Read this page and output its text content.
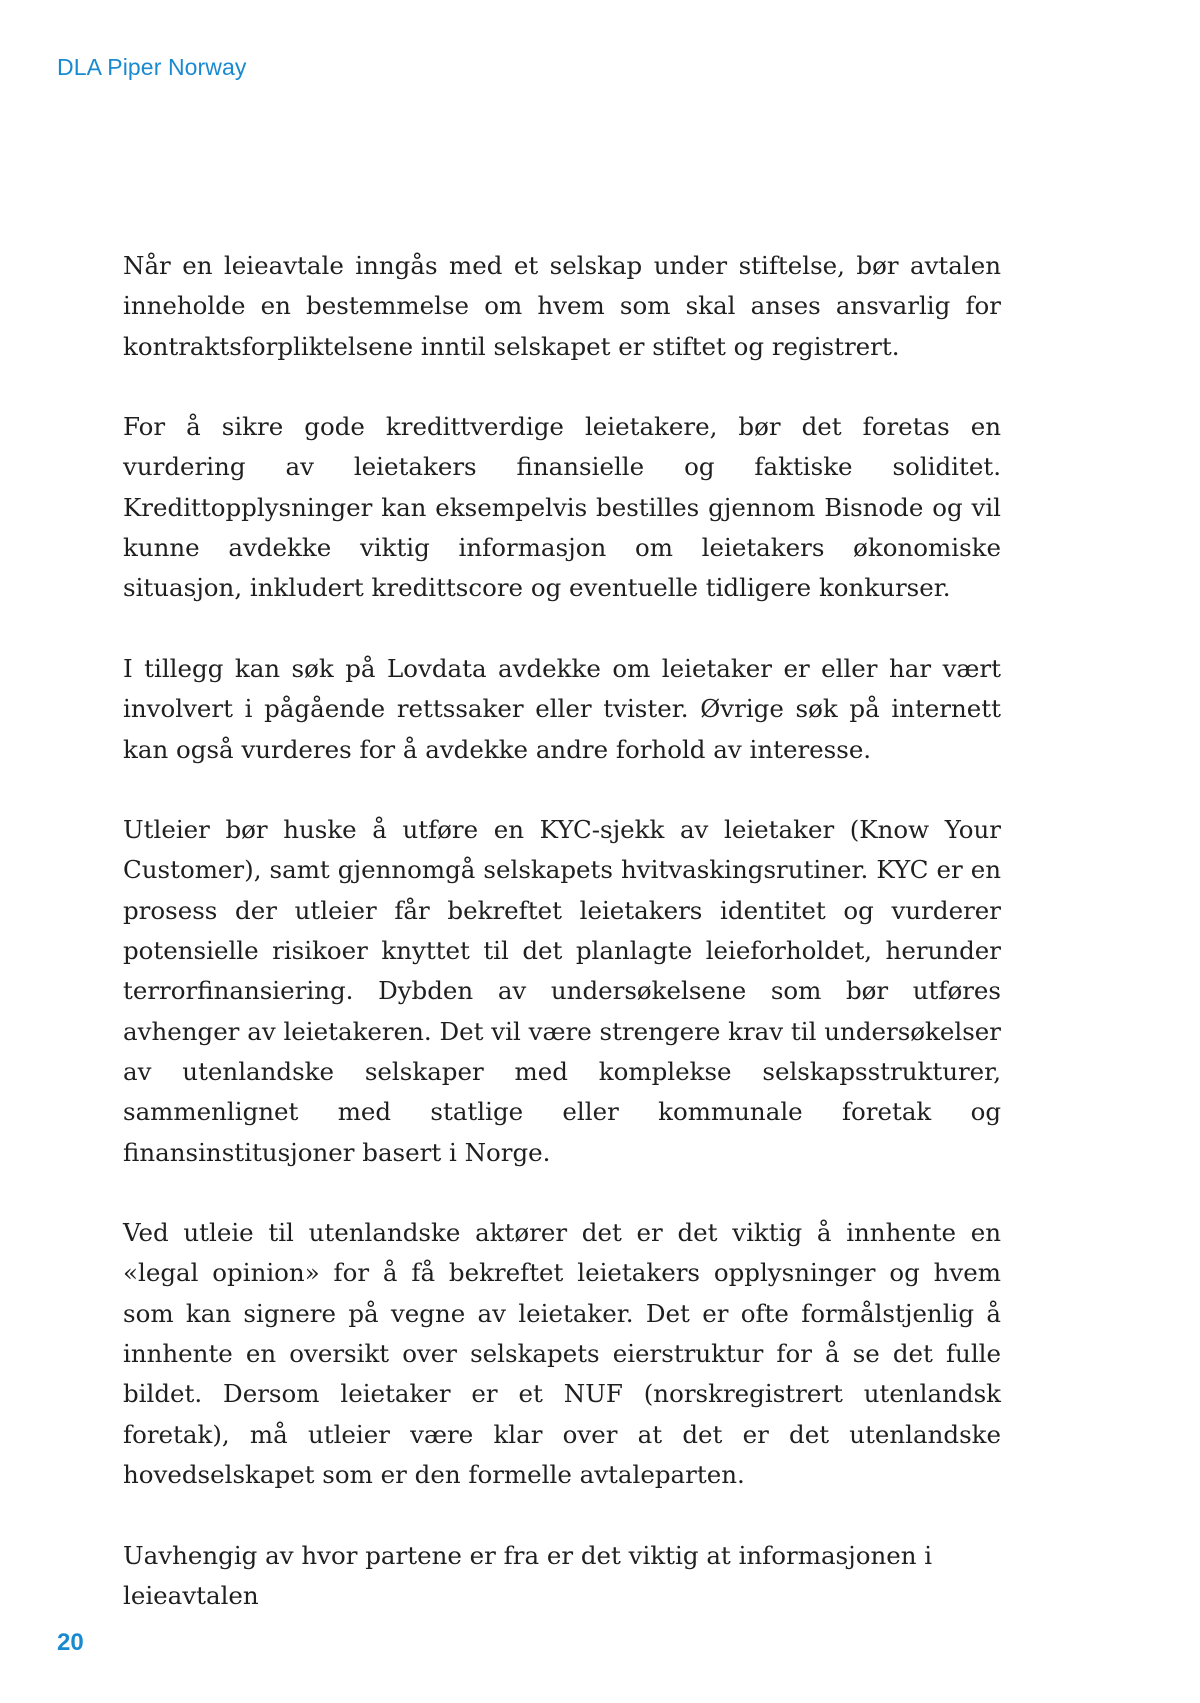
DLA Piper Norway

Når en leieavtale inngås med et selskap under stiftelse, bør avtalen inneholde en bestemmelse om hvem som skal anses ansvarlig for kontraktsforpliktelsene inntil selskapet er stiftet og registrert.

For å sikre gode kredittverdige leietakere, bør det foretas en vurdering av leietakers finansielle og faktiske soliditet. Kredittopplysninger kan eksempelvis bestilles gjennom Bisnode og vil kunne avdekke viktig informasjon om leietakers økonomiske situasjon, inkludert kredittscore og eventuelle tidligere konkurser.

I tillegg kan søk på Lovdata avdekke om leietaker er eller har vært involvert i pågående rettssaker eller tvister. Øvrige søk på internett kan også vurderes for å avdekke andre forhold av interesse.

Utleier bør huske å utføre en KYC-sjekk av leietaker (Know Your Customer), samt gjennomgå selskapets hvitvaskingsrutiner. KYC er en prosess der utleier får bekreftet leietakers identitet og vurderer potensielle risikoer knyttet til det planlagte leieforholdet, herunder terrorfinansiering. Dybden av undersøkelsene som bør utføres avhenger av leietakeren. Det vil være strengere krav til undersøkelser av utenlandske selskaper med komplekse selskapsstrukturer, sammenlignet med statlige eller kommunale foretak og finansinstitusjoner basert i Norge.

Ved utleie til utenlandske aktører det er det viktig å innhente en «legal opinion» for å få bekreftet leietakers opplysninger og hvem som kan signere på vegne av leietaker. Det er ofte formålstjenlig å innhente en oversikt over selskapets eierstruktur for å se det fulle bildet. Dersom leietaker er et NUF (norskregistrert utenlandsk foretak), må utleier være klar over at det er det utenlandske hovedselskapet som er den formelle avtaleparten.

Uavhengig av hvor partene er fra er det viktig at informasjonen i leieavtalen

20
